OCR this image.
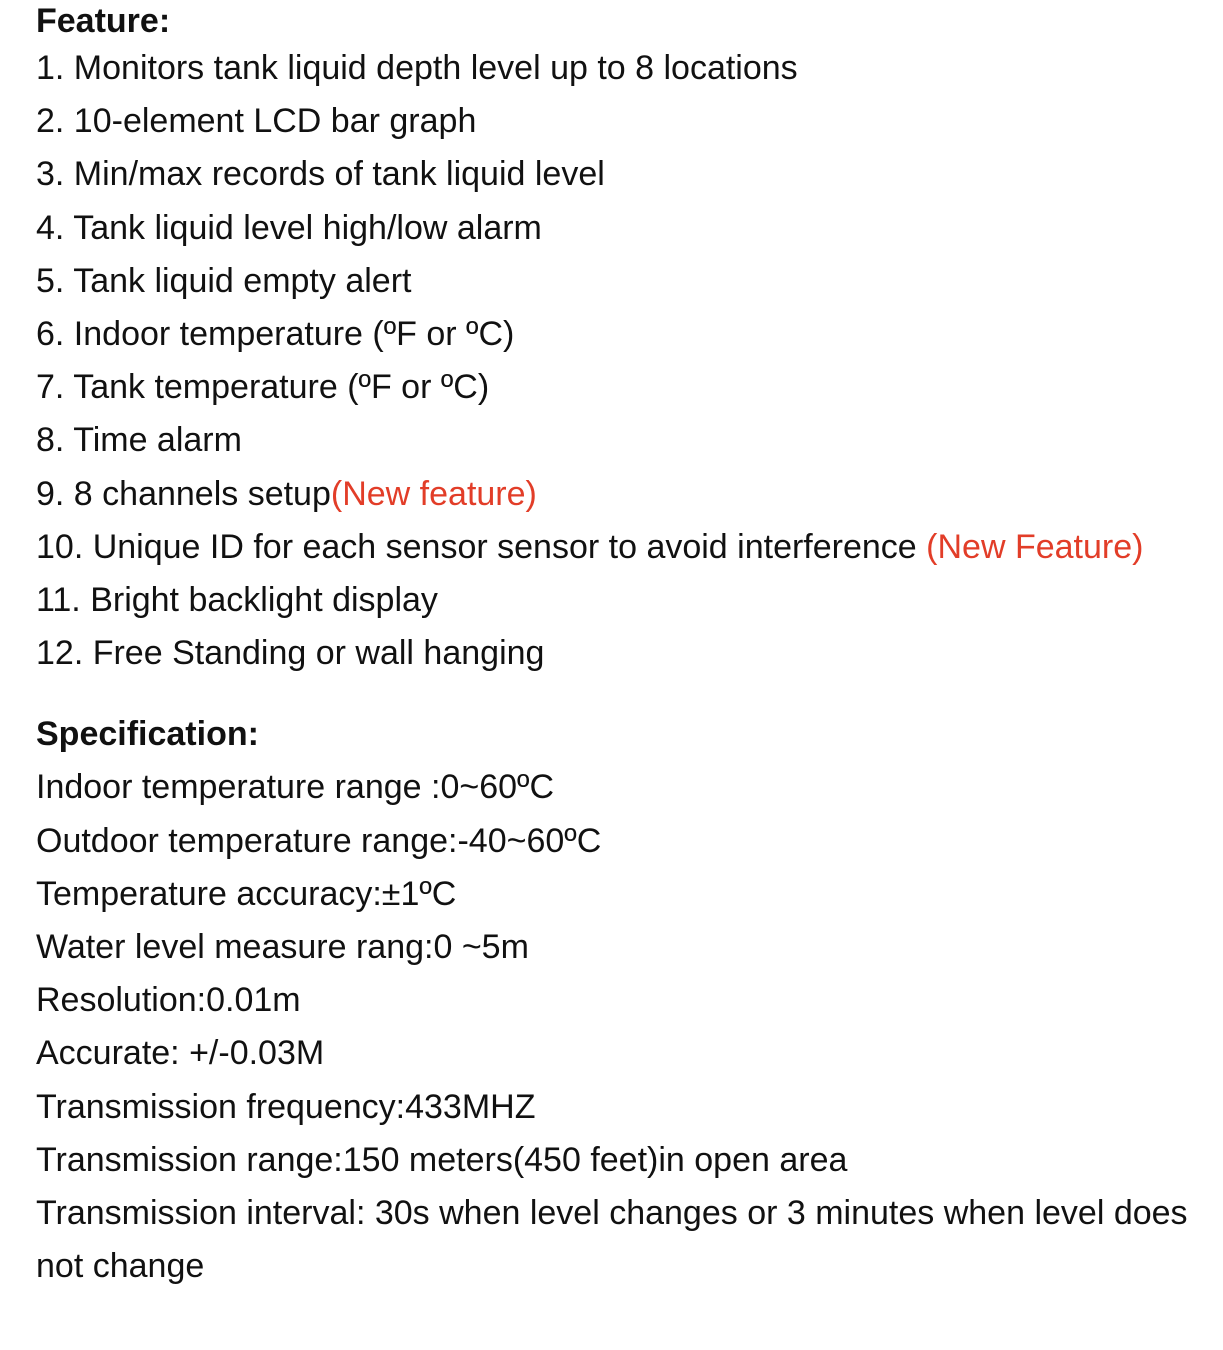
Feature:
1. Monitors tank liquid depth level up to 8 locations
2. 10-element LCD bar graph
3. Min/max records of tank liquid level
4. Tank liquid level high/low alarm
5. Tank liquid empty alert
6. Indoor temperature (ºF or ºC)
7. Tank temperature (ºF or ºC)
8. Time alarm
9. 8 channels setup(New feature)
10. Unique ID for each sensor sensor to avoid interference (New Feature)
11. Bright backlight display
12. Free Standing or wall hanging
Specification:
Indoor temperature range :0~60ºC
Outdoor temperature range:-40~60ºC
Temperature accuracy:±1ºC
Water level measure rang:0 ~5m
Resolution:0.01m
Accurate: +/-0.03M
Transmission frequency:433MHZ
Transmission range:150 meters(450 feet)in open area
Transmission interval: 30s when level changes or 3 minutes when level does not change
